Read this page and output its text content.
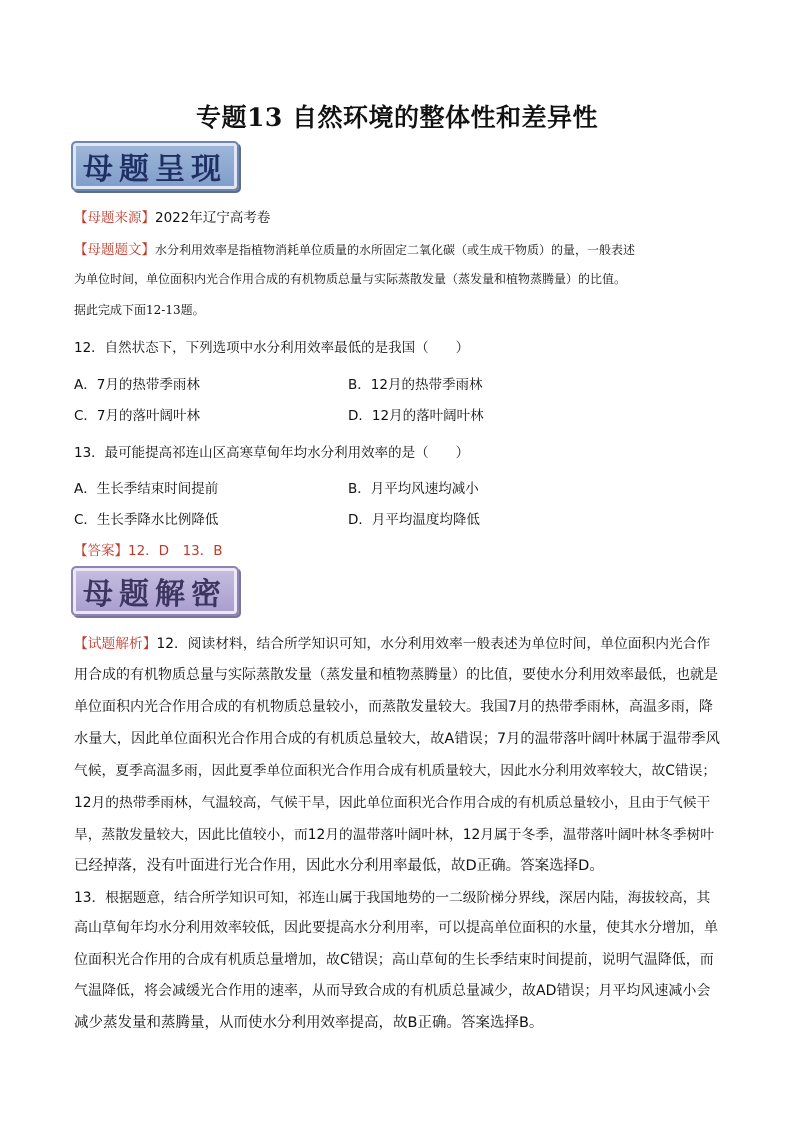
专题13 自然环境的整体性和差异性
母题呈现
【母题来源】2022年辽宁高考卷
【母题题文】水分利用效率是指植物消耗单位质量的水所固定二氧化碳（或生成干物质）的量，一般表述
为单位时间，单位面积内光合作用合成的有机物质总量与实际蒸散发量（蒸发量和植物蒸腾量）的比值。
据此完成下面12-13题。
12．自然状态下，下列选项中水分利用效率最低的是我国（　　）
A．7月的热带季雨林	B．12月的热带季雨林
C．7月的落叶阔叶林	D．12月的落叶阔叶林
13．最可能提高祁连山区高寒草甸年均水分利用效率的是（　　）
A．生长季结束时间提前	B．月平均风速均减小
C．生长季降水比例降低	D．月平均温度均降低
【答案】12．D　13．B
母题解密
【试题解析】12．阅读材料，结合所学知识可知，水分利用效率一般表述为单位时间，单位面积内光合作
用合成的有机物质总量与实际蒸散发量（蒸发量和植物蒸腾量）的比值，要使水分利用效率最低，也就是
单位面积内光合作用合成的有机物质总量较小，而蒸散发量较大。我国7月的热带季雨林，高温多雨，降
水量大，因此单位面积光合作用合成的有机质总量较大，故A错误；7月的温带落叶阔叶林属于温带季风
气候，夏季高温多雨，因此夏季单位面积光合作用合成有机质量较大，因此水分利用效率较大，故C错误；
12月的热带季雨林，气温较高，气候干旱，因此单位面积光合作用合成的有机质总量较小，且由于气候干
旱，蒸散发量较大，因此比值较小，而12月的温带落叶阔叶林，12月属于冬季，温带落叶阔叶林冬季树叶
已经掉落，没有叶面进行光合作用，因此水分利用率最低，故D正确。答案选择D。
13．根据题意，结合所学知识可知，祁连山属于我国地势的一二级阶梯分界线，深居内陆，海拔较高，其
高山草甸年均水分利用效率较低，因此要提高水分利用率，可以提高单位面积的水量，使其水分增加，单
位面积光合作用的合成有机质总量增加，故C错误；高山草甸的生长季结束时间提前，说明气温降低，而
气温降低，将会减缓光合作用的速率，从而导致合成的有机质总量减少，故AD错误；月平均风速减小会
减少蒸发量和蒸腾量，从而使水分利用效率提高，故B正确。答案选择B。
